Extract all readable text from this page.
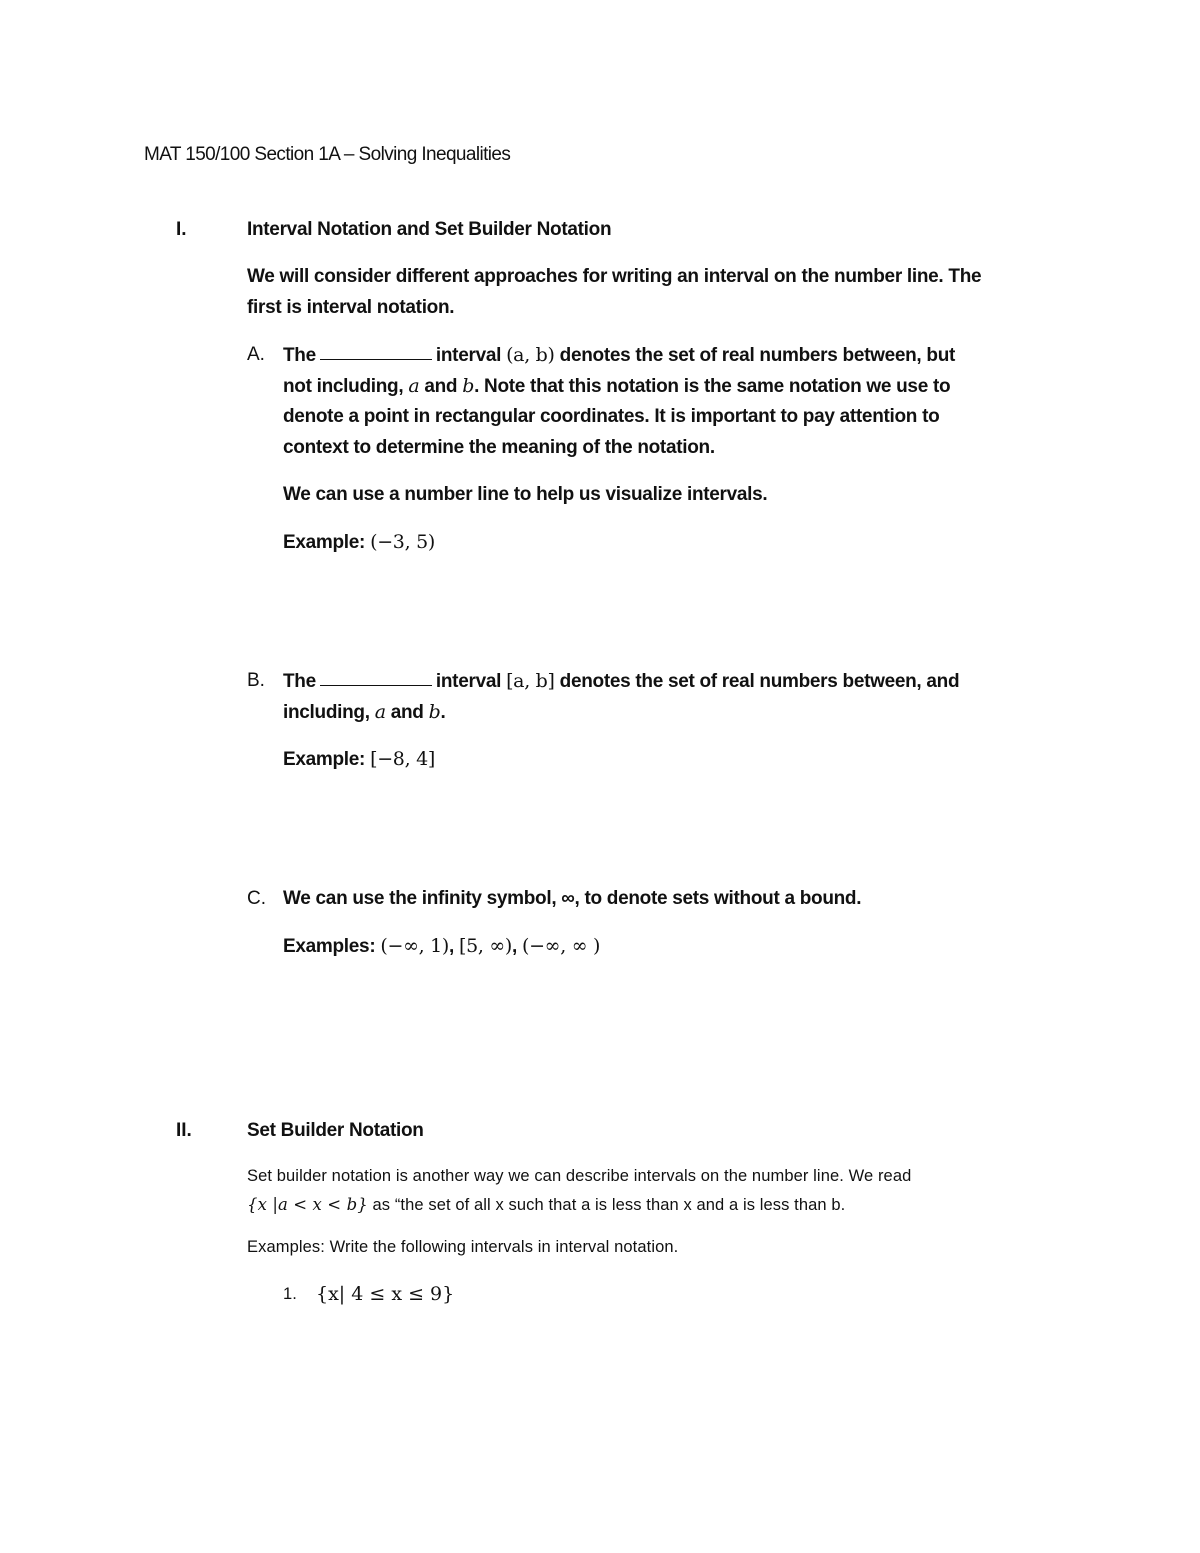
MAT 150/100 Section 1A – Solving Inequalities
I.	Interval Notation and Set Builder Notation
We will consider different approaches for writing an interval on the number line. The
first is interval notation.
A. The	interval (a, b) denotes the set of real numbers between, but
not including, a and b. Note that this notation is the same notation we use to
denote a point in rectangular coordinates. It is important to pay attention to
context to determine the meaning of the notation.
We can use a number line to help us visualize intervals.
Example: (−3, 5)
B. The	interval [a, b] denotes the set of real numbers between, and
including, a and b.
Example: [−8, 4]
C. We can use the infinity symbol, ∞, to denote sets without a bound.
Examples: (−∞, 1), [5, ∞), (−∞, ∞ )
II.	Set Builder Notation
Set builder notation is another way we can describe intervals on the number line. We read
{x |a < x < b} as “the set of all x such that a is less than x and a is less than b.
Examples: Write the following intervals in interval notation.
1. {x| 4 ≤ x ≤ 9}
